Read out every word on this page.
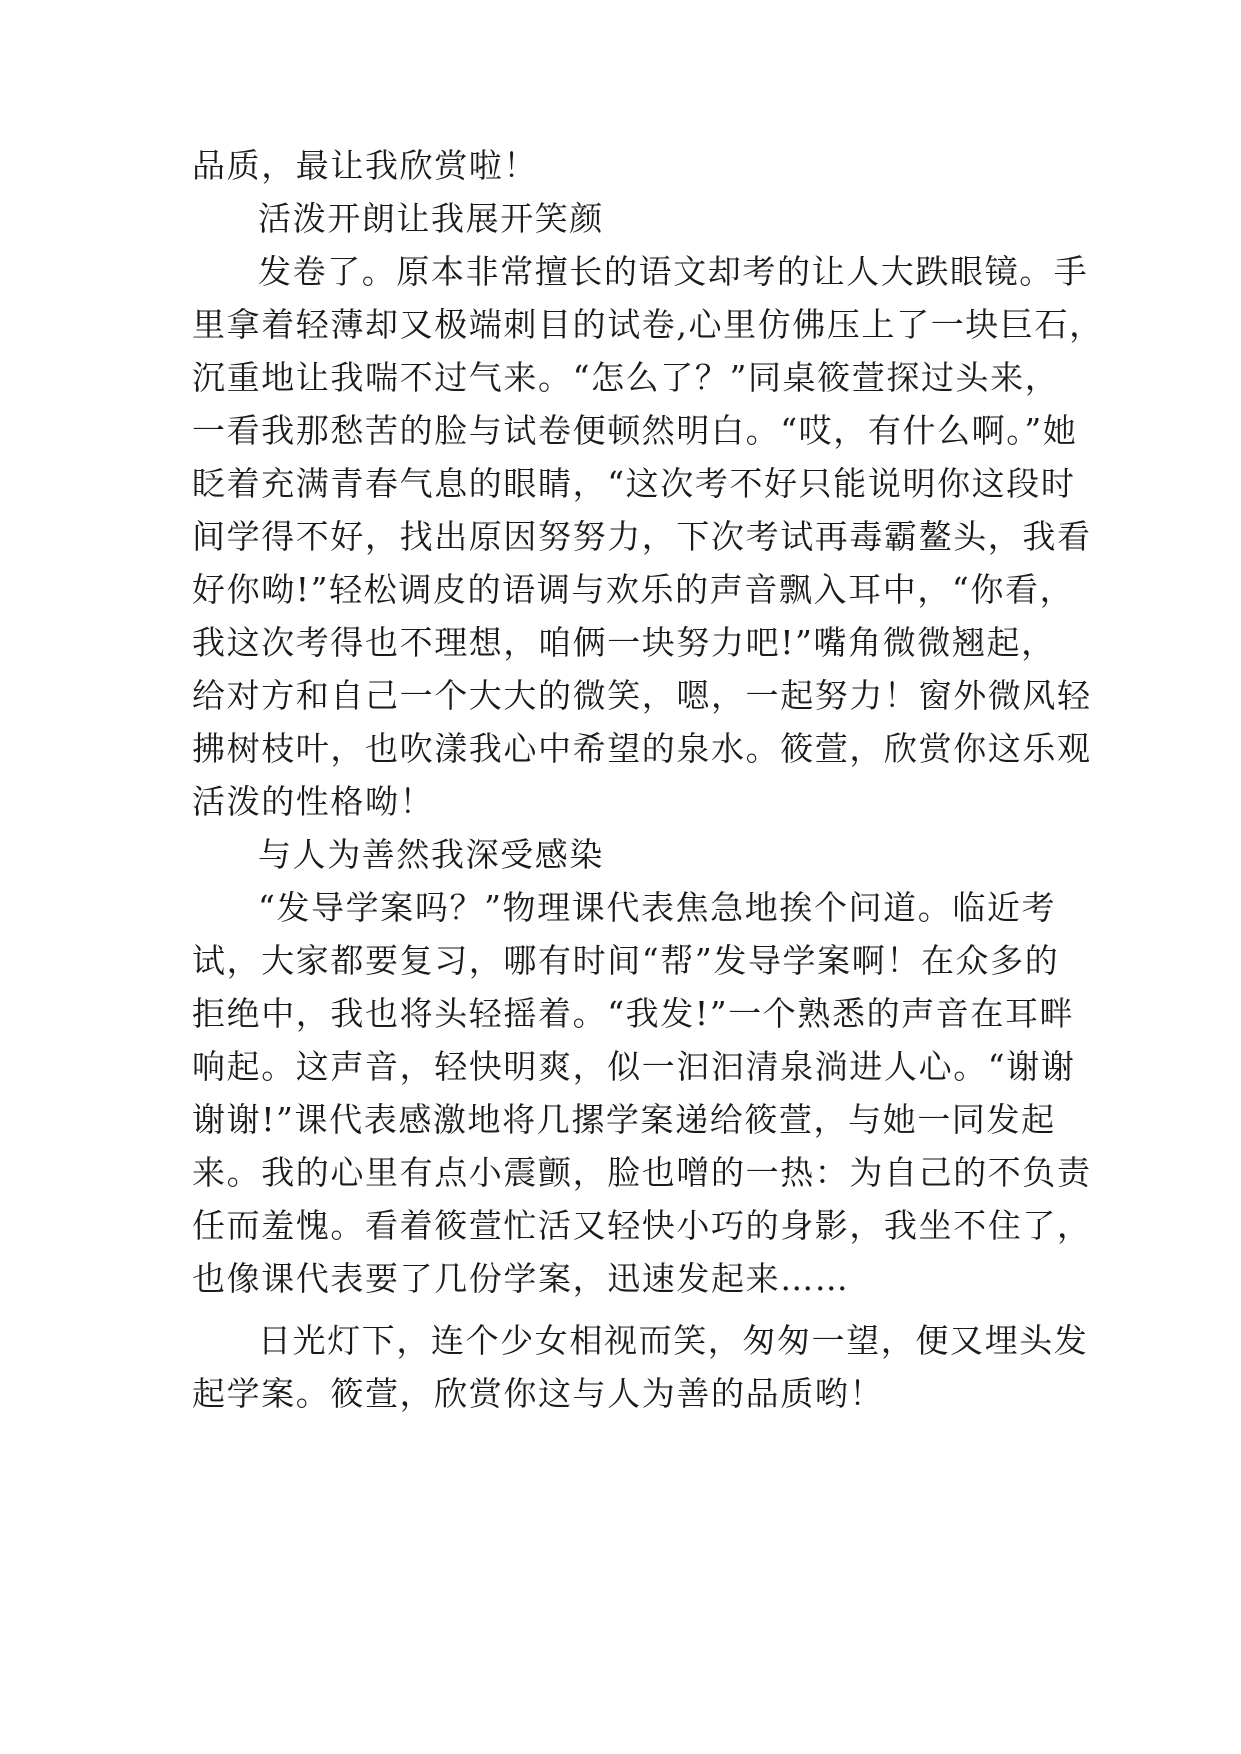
品质，最让我欣赏啦！
活泼开朗让我展开笑颜
发卷了。原本非常擅长的语文却考的让人大跌眼镜。手
里拿着轻薄却又极端刺目的试卷,心里仿佛压上了一块巨石，
沉重地让我喘不过气来。“怎么了？”同桌筱萱探过头来，
一看我那愁苦的脸与试卷便顿然明白。“哎，有什么啊。”她
眨着充满青春气息的眼睛，“这次考不好只能说明你这段时
间学得不好，找出原因努努力，下次考试再毒霸鳌头，我看
好你呦!”轻松调皮的语调与欢乐的声音飘入耳中，“你看，
我这次考得也不理想，咱俩一块努力吧!”嘴角微微翘起，
给对方和自己一个大大的微笑，嗯，一起努力！窗外微风轻
拂树枝叶，也吹漾我心中希望的泉水。筱萱，欣赏你这乐观
活泼的性格呦！
与人为善然我深受感染
“发导学案吗？”物理课代表焦急地挨个问道。临近考
试，大家都要复习，哪有时间“帮”发导学案啊！在众多的
拒绝中，我也将头轻摇着。“我发!”一个熟悉的声音在耳畔
响起。这声音，轻快明爽，似一汩汩清泉淌进人心。“谢谢
谢谢!”课代表感激地将几摞学案递给筱萱，与她一同发起
来。我的心里有点小震颤，脸也噌的一热：为自己的不负责
任而羞愧。看着筱萱忙活又轻快小巧的身影，我坐不住了，
也像课代表要了几份学案，迅速发起来……
日光灯下，连个少女相视而笑，匆匆一望，便又埋头发
起学案。筱萱，欣赏你这与人为善的品质哟！
